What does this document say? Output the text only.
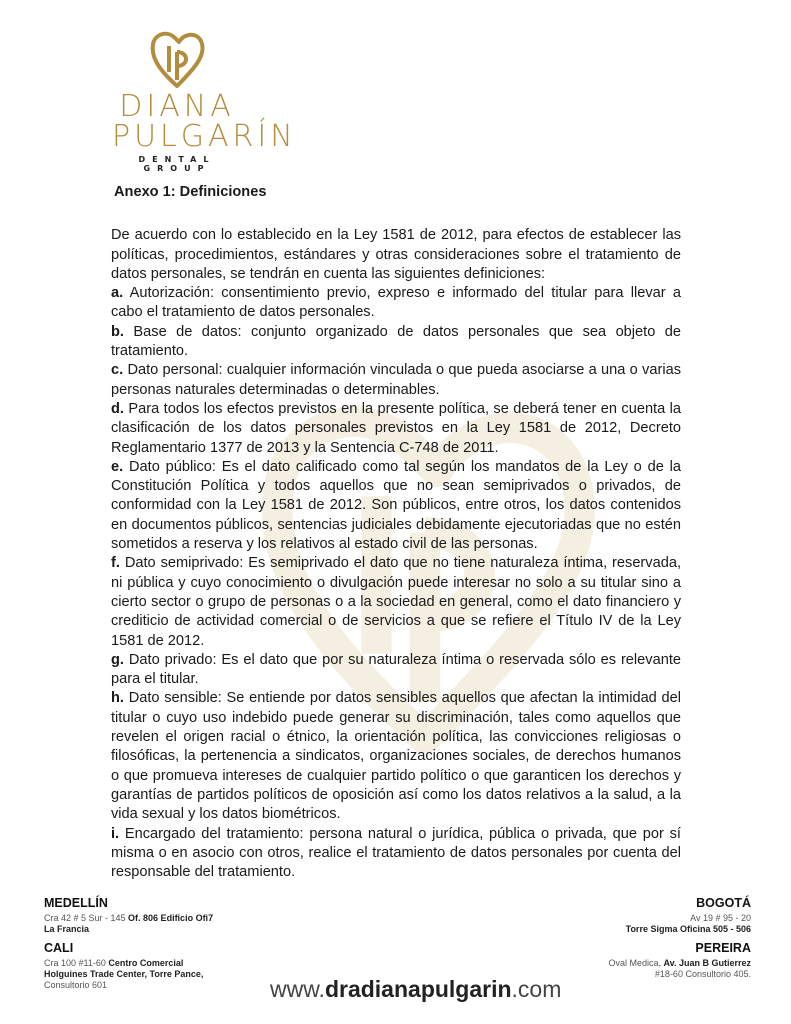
DIANA
PULGARÍN
DENTAL GROUP
Anexo 1: Definiciones

De acuerdo con lo establecido en la Ley 1581 de 2012, para efectos de establecer las políticas, procedimientos, estándares y otras consideraciones sobre el tratamiento de datos personales, se tendrán en cuenta las siguientes definiciones:

a. Autorización: consentimiento previo, expreso e informado del titular para llevar a cabo el tratamiento de datos personales.

b. Base de datos: conjunto organizado de datos personales que sea objeto de tratamiento.

c. Dato personal: cualquier información vinculada o que pueda asociarse a una o varias personas naturales determinadas o determinables.

d. Para todos los efectos previstos en la presente política, se deberá tener en cuenta la clasificación de los datos personales previstos en la Ley 1581 de 2012, Decreto Reglamentario 1377 de 2013 y la Sentencia C-748 de 2011.

e. Dato público: Es el dato calificado como tal según los mandatos de la Ley o de la Constitución Política y todos aquellos que no sean semiprivados o privados, de conformidad con la Ley 1581 de 2012. Son públicos, entre otros, los datos contenidos en documentos públicos, sentencias judiciales debidamente ejecutoriadas que no estén sometidos a reserva y los relativos al estado civil de las personas.

f. Dato semiprivado: Es semiprivado el dato que no tiene naturaleza íntima, reservada, ni pública y cuyo conocimiento o divulgación puede interesar no solo a su titular sino a cierto sector o grupo de personas o a la sociedad en general, como el dato financiero y crediticio de actividad comercial o de servicios a que se refiere el Título IV de la Ley 1581 de 2012.

g. Dato privado: Es el dato que por su naturaleza íntima o reservada sólo es relevante para el titular.

h. Dato sensible: Se entiende por datos sensibles aquellos que afectan la intimidad del titular o cuyo uso indebido puede generar su discriminación, tales como aquellos que revelen el origen racial o étnico, la orientación política, las convicciones religiosas o filosóficas, la pertenencia a sindicatos, organizaciones sociales, de derechos humanos o que promueva intereses de cualquier partido político o que garanticen los derechos y garantías de partidos políticos de oposición así como los datos relativos a la salud, a la vida sexual y los datos biométricos.

i. Encargado del tratamiento: persona natural o jurídica, pública o privada, que por sí misma o en asocio con otros, realice el tratamiento de datos personales por cuenta del responsable del tratamiento.

MEDELLÍN
Cra 42 # 5 Sur - 145 Of. 806 Edificio Ofi7
La Francia
CALI
Cra 100 #11-60 Centro Comercial
Holguines Trade Center, Torre Pance,
Consultorio 601
BOGOTÁ
Av 19 # 95 - 20
Torre Sigma Oficina 505 - 506
PEREIRA
Oval Medica, Av. Juan B Gutierrez
#18-60 Consultorio 405.
www.dradianapulgarin.com
